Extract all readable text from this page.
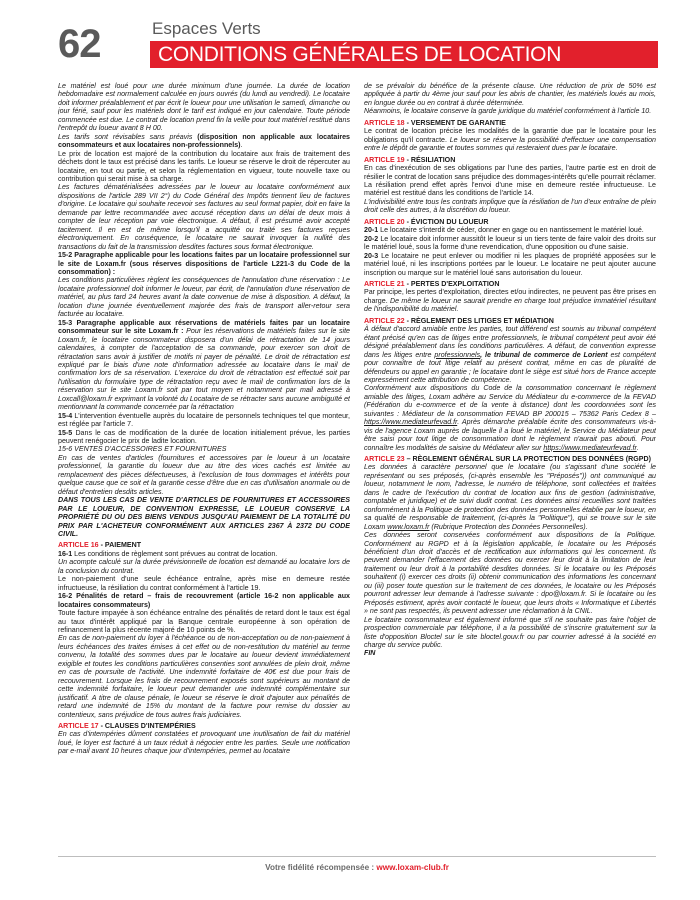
62	Espaces Verts
CONDITIONS GÉNÉRALES DE LOCATION

Le matériel est loué pour une durée minimum d'une journée. La durée de location hebdomadaire est normalement calculée en jours ouvrés (du lundi au vendredi). Le locataire doit informer préalablement et par écrit le loueur pour une utilisation le samedi, dimanche ou jour férié, sauf pour les matériels dont le tarif est indiqué en jour calendaire. Toute période commencée est due. Le contrat de location prend fin la veille pour tout matériel restitué dans l'entrepôt du loueur avant 8 H 00.

Les tarifs sont révisables sans préavis (disposition non applicable aux locataires consommateurs et aux locataires non-professionnels).

Le prix de location est majoré de la contribution du locataire aux frais de traitement des déchets dont le taux est précisé dans les tarifs. Le loueur se réserve le droit de répercuter au locataire, en tout ou partie, et selon la réglementation en vigueur, toute nouvelle taxe ou contribution qui serait mise à sa charge.

Les factures dématérialisées adressées par le loueur au locataire conformément aux dispositions de l'article 289 VII 2°) du Code Général des Impôts tiennent lieu de factures d'origine. Le locataire qui souhaite recevoir ses factures au seul format papier, doit en faire la demande par lettre recommandée avec accusé réception dans un délai de deux mois à compter de leur réception par voie électronique. A défaut, il est présumé avoir accepté tacitement. Il en est de même lorsqu'il a acquitté ou traité ses factures reçues électroniquement. En conséquence, le locataire ne saurait invoquer la nullité des transactions du fait de la transmission desdites factures sous format électronique.

15-2 Paragraphe applicable pour les locations faites par un locataire professionnel sur le site de Loxam.fr (sous réserves dispositions de l'article L221-3 du Code de la consommation) :

Les conditions particulières règlent les conséquences de l'annulation d'une réservation : Le locataire professionnel doit informer le loueur, par écrit, de l'annulation d'une réservation de matériel, au plus tard 24 heures avant la date convenue de mise à disposition. A défaut, la location d'une journée éventuellement majorée des frais de transport aller-retour sera facturée au locataire.

15-3 Paragraphe applicable aux réservations de matériels faites par un locataire consommateur sur le site Loxam.fr : Pour les réservations de matériels faites sur le site Loxam.fr, le locataire consommateur disposera d'un délai de rétractation de 14 jours calendaires, à compter de l'acceptation de sa commande, pour exercer son droit de rétractation sans avoir à justifier de motifs ni payer de pénalité. Le droit de rétractation est expliqué par le biais d'une note d'information adressée au locataire dans le mail de confirmation lors de sa réservation. L'exercice du droit de rétractation est effectué soit par l'utilisation du formulaire type de rétractation reçu avec le mail de confirmation lors de la réservation sur le site Loxam.fr soit par tout moyen et notamment par mail adressé à Loxcall@loxam.fr exprimant la volonté du Locataire de se rétracter sans aucune ambiguïté et mentionnant la commande concernée par la rétractation

15-4 L'intervention éventuelle auprès du locataire de personnels techniques tel que monteur, est réglée par l'article 7.

15-5 Dans le cas de modification de la durée de location initialement prévue, les parties peuvent renégocier le prix de ladite location.

15-6 VENTES D'ACCESSOIRES ET FOURNITURES

En cas de ventes d'articles (fournitures et accessoires par le loueur à un locataire professionnel, la garantie du loueur due au titre des vices cachés est limitée au remplacement des pièces défectueuses, à l'exclusion de tous dommages et intérêts pour quelque cause que ce soit et la garantie cesse d'être due en cas d'utilisation anormale ou de défaut d'entretien desdits articles.

DANS TOUS LES CAS DE VENTE D'ARTICLES DE FOURNITURES ET ACCESSOIRES PAR LE LOUEUR, DE CONVENTION EXPRESSE, LE LOUEUR CONSERVE LA PROPRIÉTÉ DU OU DES BIENS VENDUS JUSQU'AU PAIEMENT DE LA TOTALITÉ DU PRIX PAR L'ACHETEUR CONFORMÉMENT AUX ARTICLES 2367 À 2372 DU CODE CIVIL.

ARTICLE 16 - PAIEMENT

16-1 Les conditions de règlement sont prévues au contrat de location.

Un acompte calculé sur la durée prévisionnelle de location est demandé au locataire lors de la conclusion du contrat.

Le non-paiement d'une seule échéance entraîne, après mise en demeure restée infructueuse, la résiliation du contrat conformément à l'article 19.

16-2 Pénalités de retard – frais de recouvrement (article 16-2 non applicable aux locataires consommateurs)

Toute facture impayée à son échéance entraîne des pénalités de retard dont le taux est égal au taux d'intérêt appliqué par la Banque centrale européenne à son opération de refinancement la plus récente majoré de 10 points de %.

En cas de non-paiement du loyer à l'échéance ou de non-acceptation ou de non-paiement à leurs échéances des traites émises à cet effet ou de non-restitution du matériel au terme convenu, la totalité des sommes dues par le locataire au loueur devient immédiatement exigible et toutes les conditions particulières consenties sont annulées de plein droit, même en cas de poursuite de l'activité. Une indemnité forfaitaire de 40€ est due pour frais de recouvrement. Lorsque les frais de recouvrement exposés sont supérieurs au montant de cette indemnité forfaitaire, le loueur peut demander une indemnité complémentaire sur justificatif. A titre de clause pénale, le loueur se réserve le droit d'ajouter aux pénalités de retard une indemnité de 15% du montant de la facture pour remise du dossier au contentieux, sans préjudice de tous autres frais judiciaires.

ARTICLE 17 - CLAUSES D'INTEMPÉRIES

En cas d'intempéries dûment constatées et provoquant une inutilisation de fait du matériel loué, le loyer est facturé à un taux réduit à négocier entre les parties. Seule une notification par e-mail avant 10 heures chaque jour d'intempéries, permet au locataire

de se prévaloir du bénéfice de la présente clause. Une réduction de prix de 50% est appliquée à partir du 4ème jour sauf pour les abris de chantier, les matériels loués au mois, en longue durée ou en contrat à durée déterminée.

Néanmoins, le locataire conserve la garde juridique du matériel conformément à l'article 10.

ARTICLE 18 - VERSEMENT DE GARANTIE

Le contrat de location précise les modalités de la garantie due par le locataire pour les obligations qu'il contracte. Le loueur se réserve la possibilité d'effectuer une compensation entre le dépôt de garantie et toutes sommes qui resteraient dues par le locataire.

ARTICLE 19 - RÉSILIATION

En cas d'inexécution de ses obligations par l'une des parties, l'autre partie est en droit de résilier le contrat de location sans préjudice des dommages-intérêts qu'elle pourrait réclamer. La résiliation prend effet après l'envoi d'une mise en demeure restée infructueuse. Le matériel est restitué dans les conditions de l'article 14.

L'indivisibilité entre tous les contrats implique que la résiliation de l'un d'eux entraîne de plein droit celle des autres, à la discrétion du loueur.

ARTICLE 20 - ÉVICTION DU LOUEUR

20-1 Le locataire s'interdit de céder, donner en gage ou en nantissement le matériel loué.

20-2 Le locataire doit informer aussitôt le loueur si un tiers tente de faire valoir des droits sur le matériel loué, sous la forme d'une revendication, d'une opposition ou d'une saisie.

20-3 Le locataire ne peut enlever ou modifier ni les plaques de propriété apposées sur le matériel loué, ni les inscriptions portées par le loueur. Le locataire ne peut ajouter aucune inscription ou marque sur le matériel loué sans autorisation du loueur.

ARTICLE 21 - PERTES D'EXPLOITATION

Par principe, les pertes d'exploitation, directes et/ou indirectes, ne peuvent pas être prises en charge. De même le loueur ne saurait prendre en charge tout préjudice immatériel résultant de l'indisponibilité du matériel.

ARTICLE 22 - RÈGLEMENT DES LITIGES ET MÉDIATION

À défaut d'accord amiable entre les parties, tout différend est soumis au tribunal compétent étant précisé qu'en cas de litiges entre professionnels, le tribunal compétent peut avoir été désigné préalablement dans les conditions particulières. A défaut, de convention expresse dans les litiges entre professionnels, le tribunal de commerce de Lorient est compétent pour connaître de tout litige relatif au présent contrat, même en cas de pluralité de défendeurs ou appel en garantie ; le locataire dont le siège est situé hors de France accepte expressément cette attribution de compétence.

Conformément aux dispositions du Code de la consommation concernant le règlement amiable des litiges, Loxam adhère au Service du Médiateur du e-commerce de la FEVAD (Fédération du e-commerce et de la vente à distance) dont les coordonnées sont les suivantes : Médiateur de la consommation FEVAD BP 200015 – 75362 Paris Cedex 8 – https://www.mediateurfevad.fr. Après démarche préalable écrite des consommateurs vis-à-vis de l'agence Loxam auprès de laquelle il a loué le matériel, le Service du Médiateur peut être saisi pour tout litige de consommation dont le règlement n'aurait pas abouti. Pour connaître les modalités de saisine du Médiateur aller sur https://www.mediateurfevad.fr.

ARTICLE 23 – RÈGLEMENT GÉNÉRAL SUR LA PROTECTION DES DONNÉES (RGPD)

Les données à caractère personnel que le locataire (ou s'agissant d'une société le représentant ou ses préposés, (ci-après ensemble les "Préposés")) ont communiqué au loueur, notamment le nom, l'adresse, le numéro de téléphone, sont collectées et traitées dans le cadre de l'exécution du contrat de location aux fins de gestion (administrative, comptable et juridique) et de suivi dudit contrat. Les données ainsi recueillies sont traitées conformément à la Politique de protection des données personnelles établie par le loueur, en sa qualité de responsable de traitement, (ci-après la "Politique"), qui se trouve sur le site Loxam www.loxam.fr (Rubrique Protection des Données Personnelles).

Ces données seront conservées conformément aux dispositions de la Politique. Conformément au RGPD et à la législation applicable, le locataire ou les Préposés bénéficient d'un droit d'accès et de rectification aux informations qui les concernent. Ils peuvent demander l'effacement des données ou exercer leur droit à la limitation de leur traitement ou leur droit à la portabilité desdites données. Si le locataire ou les Préposés souhaitent (i) exercer ces droits (ii) obtenir communication des informations les concernant ou (iii) poser toute question sur le traitement de ces données, le locataire ou les Préposés pourront adresser leur demande à l'adresse suivante : dpo@loxam.fr. Si le locataire ou les Préposés estiment, après avoir contacté le loueur, que leurs droits « Informatique et Libertés » ne sont pas respectés, ils peuvent adresser une réclamation à la CNIL.

Le locataire consommateur est également informé que s'il ne souhaite pas faire l'objet de prospection commerciale par téléphone, il a la possibilité de s'inscrire gratuitement sur la liste d'opposition Bloctel sur le site bloctel.gouv.fr ou par courrier adressé à la société en charge du service public.

FIN

Votre fidélité récompensée : www.loxam-club.fr
